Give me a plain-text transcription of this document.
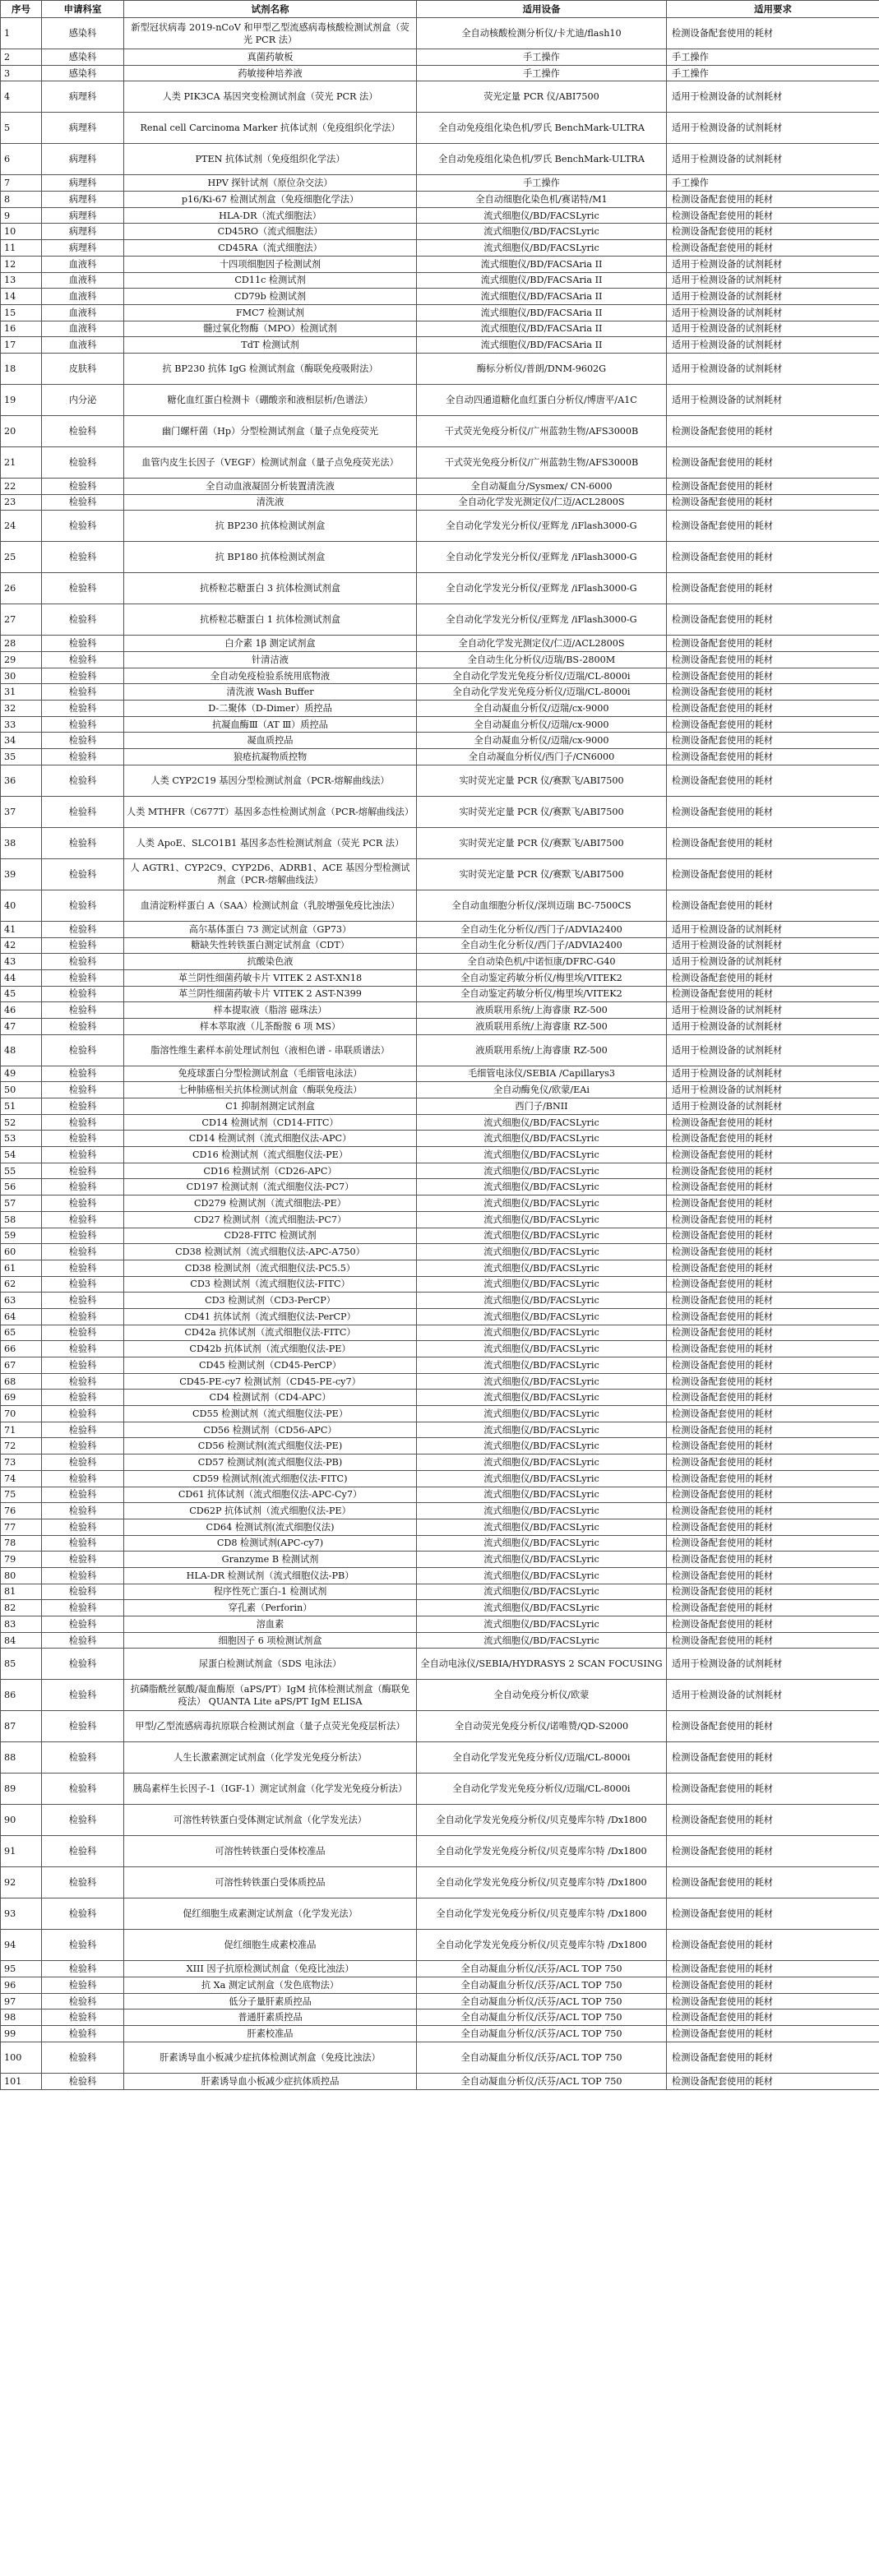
序号	申请科室	试剂名称	适用设备	适用要求
1	感染科	新型冠状病毒 2019-nCoV 和甲型乙型流感病毒核酸检测试剂盒（荧光 PCR 法）	全自动核酸检测分析仪/卡尤迪/flash10	检测设备配套使用的耗材
2	感染科	真菌药敏板	手工操作	手工操作
3	感染科	药敏接种培养液	手工操作	手工操作
4	病理科	人类 PIK3CA 基因突变检测试剂盒（荧光 PCR 法）	荧光定量 PCR 仪/ABI7500	适用于检测设备的试剂耗材
5	病理科	Renal cell Carcinoma Marker 抗体试剂（免疫组织化学法）	全自动免疫组化染色机/罗氏 BenchMark-ULTRA	适用于检测设备的试剂耗材
6	病理科	PTEN 抗体试剂（免疫组织化学法）	全自动免疫组化染色机/罗氏 BenchMark-ULTRA	适用于检测设备的试剂耗材
7	病理科	HPV 探针试剂（原位杂交法）	手工操作	手工操作
8	病理科	p16/Ki-67 检测试剂盒（免疫细胞化学法）	全自动细胞化染色机/赛诺特/M1	检测设备配套使用的耗材
9	病理科	HLA-DR（流式细胞法）	流式细胞仪/BD/FACSLyric	检测设备配套使用的耗材
10	病理科	CD45RO（流式细胞法）	流式细胞仪/BD/FACSLyric	检测设备配套使用的耗材
11	病理科	CD45RA（流式细胞法）	流式细胞仪/BD/FACSLyric	检测设备配套使用的耗材
12	血液科	十四项细胞因子检测试剂	流式细胞仪/BD/FACSAria II	适用于检测设备的试剂耗材
13	血液科	CD11c 检测试剂	流式细胞仪/BD/FACSAria II	适用于检测设备的试剂耗材
14	血液科	CD79b 检测试剂	流式细胞仪/BD/FACSAria II	适用于检测设备的试剂耗材
15	血液科	FMC7 检测试剂	流式细胞仪/BD/FACSAria II	适用于检测设备的试剂耗材
16	血液科	髓过氧化物酶（MPO）检测试剂	流式细胞仪/BD/FACSAria II	适用于检测设备的试剂耗材
17	血液科	TdT 检测试剂	流式细胞仪/BD/FACSAria II	适用于检测设备的试剂耗材
18	皮肤科	抗 BP230 抗体 IgG 检测试剂盒（酶联免疫吸附法）	酶标分析仪/普朗/DNM-9602G	适用于检测设备的试剂耗材
19	内分泌	糖化血红蛋白检测卡（硼酸亲和液相层析/色谱法）	全自动四通道糖化血红蛋白分析仪/博唐平/A1C	适用于检测设备的试剂耗材
20	检验科	幽门螺杆菌（Hp）分型检测试剂盒（量子点免疫荧光	干式荧光免疫分析仪/广州蓝勃生物/AFS3000B	检测设备配套使用的耗材
21	检验科	血管内皮生长因子（VEGF）检测试剂盒（量子点免疫荧光法）	干式荧光免疫分析仪/广州蓝勃生物/AFS3000B	检测设备配套使用的耗材
22	检验科	全自动血液凝固分析装置清洗液	全自动凝血分/Sysmex/ CN-6000	检测设备配套使用的耗材
23	检验科	清洗液	全自动化学发光测定仪/仁迈/ACL2800S	检测设备配套使用的耗材
24	检验科	抗 BP230 抗体检测试剂盒	全自动化学发光分析仪/亚辉龙 /iFlash3000-G	检测设备配套使用的耗材
25	检验科	抗 BP180 抗体检测试剂盒	全自动化学发光分析仪/亚辉龙 /iFlash3000-G	检测设备配套使用的耗材
26	检验科	抗桥粒芯糖蛋白 3 抗体检测试剂盒	全自动化学发光分析仪/亚辉龙 /iFlash3000-G	检测设备配套使用的耗材
27	检验科	抗桥粒芯糖蛋白 1 抗体检测试剂盒	全自动化学发光分析仪/亚辉龙 /iFlash3000-G	检测设备配套使用的耗材
28	检验科	白介素 1β 测定试剂盒	全自动化学发光测定仪/仁迈/ACL2800S	检测设备配套使用的耗材
29	检验科	针清洁液	全自动生化分析仪/迈瑞/BS-2800M	检测设备配套使用的耗材
30	检验科	全自动免疫检验系统用底物液	全自动化学发光免疫分析仪/迈瑞/CL-8000i	检测设备配套使用的耗材
31	检验科	清洗液 Wash Buffer	全自动化学发光免疫分析仪/迈瑞/CL-8000i	检测设备配套使用的耗材
32	检验科	D-二聚体（D-Dimer）质控品	全自动凝血分析仪/迈瑞/cx-9000	检测设备配套使用的耗材
33	检验科	抗凝血酶Ⅲ（AT Ⅲ）质控品	全自动凝血分析仪/迈瑞/cx-9000	检测设备配套使用的耗材
34	检验科	凝血质控品	全自动凝血分析仪/迈瑞/cx-9000	检测设备配套使用的耗材
35	检验科	狼疮抗凝物质控物	全自动凝血分析仪/西门子/CN6000	检测设备配套使用的耗材
36	检验科	人类 CYP2C19 基因分型检测试剂盒（PCR-熔解曲线法）	实时荧光定量 PCR 仪/赛默飞/ABI7500	检测设备配套使用的耗材
37	检验科	人类 MTHFR（C677T）基因多态性检测试剂盒（PCR-熔解曲线法）	实时荧光定量 PCR 仪/赛默飞/ABI7500	检测设备配套使用的耗材
38	检验科	人类 ApoE、SLCO1B1 基因多态性检测试剂盒（荧光 PCR 法）	实时荧光定量 PCR 仪/赛默飞/ABI7500	检测设备配套使用的耗材
39	检验科	人 AGTR1、CYP2C9、CYP2D6、ADRB1、ACE 基因分型检测试剂盒（PCR-熔解曲线法）	实时荧光定量 PCR 仪/赛默飞/ABI7500	检测设备配套使用的耗材
40	检验科	血清淀粉样蛋白 A（SAA）检测试剂盒（乳胶增强免疫比浊法）	全自动血细胞分析仪/深圳迈瑞 BC-7500CS	检测设备配套使用的耗材
41	检验科	高尔基体蛋白 73 测定试剂盒（GP73）	全自动生化分析仪/西门子/ADVIA2400	适用于检测设备的试剂耗材
42	检验科	糖缺失性转铁蛋白测定试剂盒（CDT）	全自动生化分析仪/西门子/ADVIA2400	适用于检测设备的试剂耗材
43	检验科	抗酸染色液	全自动染色机/中诺恒康/DFRC-G40	适用于检测设备的试剂耗材
44	检验科	革兰阴性细菌药敏卡片 VITEK 2 AST-XN18	全自动鉴定药敏分析仪/梅里埃/VITEK2	检测设备配套使用的耗材
45	检验科	革兰阴性细菌药敏卡片 VITEK 2 AST-N399	全自动鉴定药敏分析仪/梅里埃/VITEK2	检测设备配套使用的耗材
46	检验科	样本提取液（脂溶 磁珠法）	液质联用系统/上海睿康 RZ-500	适用于检测设备的试剂耗材
47	检验科	样本萃取液（儿茶酚胺 6 项 MS）	液质联用系统/上海睿康 RZ-500	适用于检测设备的试剂耗材
48	检验科	脂溶性维生素样本前处理试剂包（液相色谱 - 串联质谱法）	液质联用系统/上海睿康 RZ-500	适用于检测设备的试剂耗材
49	检验科	免疫球蛋白分型检测试剂盒（毛细管电泳法）	毛细管电泳仪/SEBIA /Capillarys3	适用于检测设备的试剂耗材
50	检验科	七种肺癌相关抗体检测试剂盒（酶联免疫法）	全自动酶免仪/欧蒙/EAi	适用于检测设备的试剂耗材
51	检验科	C1 抑制剂测定试剂盒	西门子/BNII	适用于检测设备的试剂耗材
52	检验科	CD14 检测试剂（CD14-FITC）	流式细胞仪/BD/FACSLyric	检测设备配套使用的耗材
53	检验科	CD14 检测试剂（流式细胞仪法-APC）	流式细胞仪/BD/FACSLyric	检测设备配套使用的耗材
54	检验科	CD16 检测试剂（流式细胞仪法-PE）	流式细胞仪/BD/FACSLyric	检测设备配套使用的耗材
55	检验科	CD16 检测试剂（CD26-APC）	流式细胞仪/BD/FACSLyric	检测设备配套使用的耗材
56	检验科	CD197 检测试剂（流式细胞仪法-PC7）	流式细胞仪/BD/FACSLyric	检测设备配套使用的耗材
57	检验科	CD279 检测试剂（流式细胞法-PE）	流式细胞仪/BD/FACSLyric	检测设备配套使用的耗材
58	检验科	CD27 检测试剂（流式细胞法-PC7）	流式细胞仪/BD/FACSLyric	检测设备配套使用的耗材
59	检验科	CD28-FITC 检测试剂	流式细胞仪/BD/FACSLyric	检测设备配套使用的耗材
60	检验科	CD38 检测试剂（流式细胞仪法-APC-A750）	流式细胞仪/BD/FACSLyric	检测设备配套使用的耗材
61	检验科	CD38 检测试剂（流式细胞仪法-PC5.5）	流式细胞仪/BD/FACSLyric	检测设备配套使用的耗材
62	检验科	CD3 检测试剂（流式细胞仪法-FITC）	流式细胞仪/BD/FACSLyric	检测设备配套使用的耗材
63	检验科	CD3 检测试剂（CD3-PerCP）	流式细胞仪/BD/FACSLyric	检测设备配套使用的耗材
64	检验科	CD41 抗体试剂（流式细胞仪法-PerCP）	流式细胞仪/BD/FACSLyric	检测设备配套使用的耗材
65	检验科	CD42a 抗体试剂（流式细胞仪法-FITC）	流式细胞仪/BD/FACSLyric	检测设备配套使用的耗材
66	检验科	CD42b 抗体试剂（流式细胞仪法-PE）	流式细胞仪/BD/FACSLyric	检测设备配套使用的耗材
67	检验科	CD45 检测试剂（CD45-PerCP）	流式细胞仪/BD/FACSLyric	检测设备配套使用的耗材
68	检验科	CD45-PE-cy7 检测试剂（CD45-PE-cy7）	流式细胞仪/BD/FACSLyric	检测设备配套使用的耗材
69	检验科	CD4 检测试剂（CD4-APC）	流式细胞仪/BD/FACSLyric	检测设备配套使用的耗材
70	检验科	CD55 检测试剂（流式细胞仪法-PE）	流式细胞仪/BD/FACSLyric	检测设备配套使用的耗材
71	检验科	CD56 检测试剂（CD56-APC）	流式细胞仪/BD/FACSLyric	检测设备配套使用的耗材
72	检验科	CD56 检测试剂(流式细胞仪法-PE)	流式细胞仪/BD/FACSLyric	检测设备配套使用的耗材
73	检验科	CD57 检测试剂(流式细胞仪法-PB)	流式细胞仪/BD/FACSLyric	检测设备配套使用的耗材
74	检验科	CD59 检测试剂(流式细胞仪法-FITC)	流式细胞仪/BD/FACSLyric	检测设备配套使用的耗材
75	检验科	CD61 抗体试剂（流式细胞仪法-APC-Cy7）	流式细胞仪/BD/FACSLyric	检测设备配套使用的耗材
76	检验科	CD62P 抗体试剂（流式细胞仪法-PE）	流式细胞仪/BD/FACSLyric	检测设备配套使用的耗材
77	检验科	CD64 检测试剂(流式细胞仪法)	流式细胞仪/BD/FACSLyric	检测设备配套使用的耗材
78	检验科	CD8 检测试剂(APC-cy7)	流式细胞仪/BD/FACSLyric	检测设备配套使用的耗材
79	检验科	Granzyme B 检测试剂	流式细胞仪/BD/FACSLyric	检测设备配套使用的耗材
80	检验科	HLA-DR 检测试剂（流式细胞仪法-PB）	流式细胞仪/BD/FACSLyric	检测设备配套使用的耗材
81	检验科	程序性死亡蛋白-1 检测试剂	流式细胞仪/BD/FACSLyric	检测设备配套使用的耗材
82	检验科	穿孔素（Perforin）	流式细胞仪/BD/FACSLyric	检测设备配套使用的耗材
83	检验科	溶血素	流式细胞仪/BD/FACSLyric	检测设备配套使用的耗材
84	检验科	细胞因子 6 项检测试剂盒	流式细胞仪/BD/FACSLyric	检测设备配套使用的耗材
85	检验科	尿蛋白检测试剂盒（SDS 电泳法）	全自动电泳仪/SEBIA/HYDRASYS 2 SCAN FOCUSING	适用于检测设备的试剂耗材
86	检验科	抗磷脂酰丝氨酸/凝血酶原（aPS/PT）IgM 抗体检测试剂盒（酶联免疫法） QUANTA Lite aPS/PT IgM ELISA	全自动免疫分析仪/欧蒙	适用于检测设备的试剂耗材
87	检验科	甲型/乙型流感病毒抗原联合检测试剂盒（量子点荧光免疫层析法）	全自动荧光免疫分析仪/诺唯赞/QD-S2000	检测设备配套使用的耗材
88	检验科	人生长激素测定试剂盒（化学发光免疫分析法）	全自动化学发光免疫分析仪/迈瑞/CL-8000i	检测设备配套使用的耗材
89	检验科	胰岛素样生长因子-1（IGF-1）测定试剂盒（化学发光免疫分析法）	全自动化学发光免疫分析仪/迈瑞/CL-8000i	检测设备配套使用的耗材
90	检验科	可溶性转铁蛋白受体测定试剂盒（化学发光法）	全自动化学发光免疫分析仪/贝克曼库尔特 /Dx1800	检测设备配套使用的耗材
91	检验科	可溶性转铁蛋白受体校准品	全自动化学发光免疫分析仪/贝克曼库尔特 /Dx1800	检测设备配套使用的耗材
92	检验科	可溶性转铁蛋白受体质控品	全自动化学发光免疫分析仪/贝克曼库尔特 /Dx1800	检测设备配套使用的耗材
93	检验科	促红细胞生成素测定试剂盒（化学发光法）	全自动化学发光免疫分析仪/贝克曼库尔特 /Dx1800	检测设备配套使用的耗材
94	检验科	促红细胞生成素校准品	全自动化学发光免疫分析仪/贝克曼库尔特 /Dx1800	检测设备配套使用的耗材
95	检验科	XIII 因子抗原检测试剂盒（免疫比浊法）	全自动凝血分析仪/沃芬/ACL TOP 750	检测设备配套使用的耗材
96	检验科	抗 Xa 测定试剂盒（发色底物法）	全自动凝血分析仪/沃芬/ACL TOP 750	检测设备配套使用的耗材
97	检验科	低分子量肝素质控品	全自动凝血分析仪/沃芬/ACL TOP 750	检测设备配套使用的耗材
98	检验科	普通肝素质控品	全自动凝血分析仪/沃芬/ACL TOP 750	检测设备配套使用的耗材
99	检验科	肝素校准品	全自动凝血分析仪/沃芬/ACL TOP 750	检测设备配套使用的耗材
100	检验科	肝素诱导血小板减少症抗体检测试剂盒（免疫比浊法）	全自动凝血分析仪/沃芬/ACL TOP 750	检测设备配套使用的耗材
101	检验科	肝素诱导血小板减少症抗体质控品	全自动凝血分析仪/沃芬/ACL TOP 750	检测设备配套使用的耗材
